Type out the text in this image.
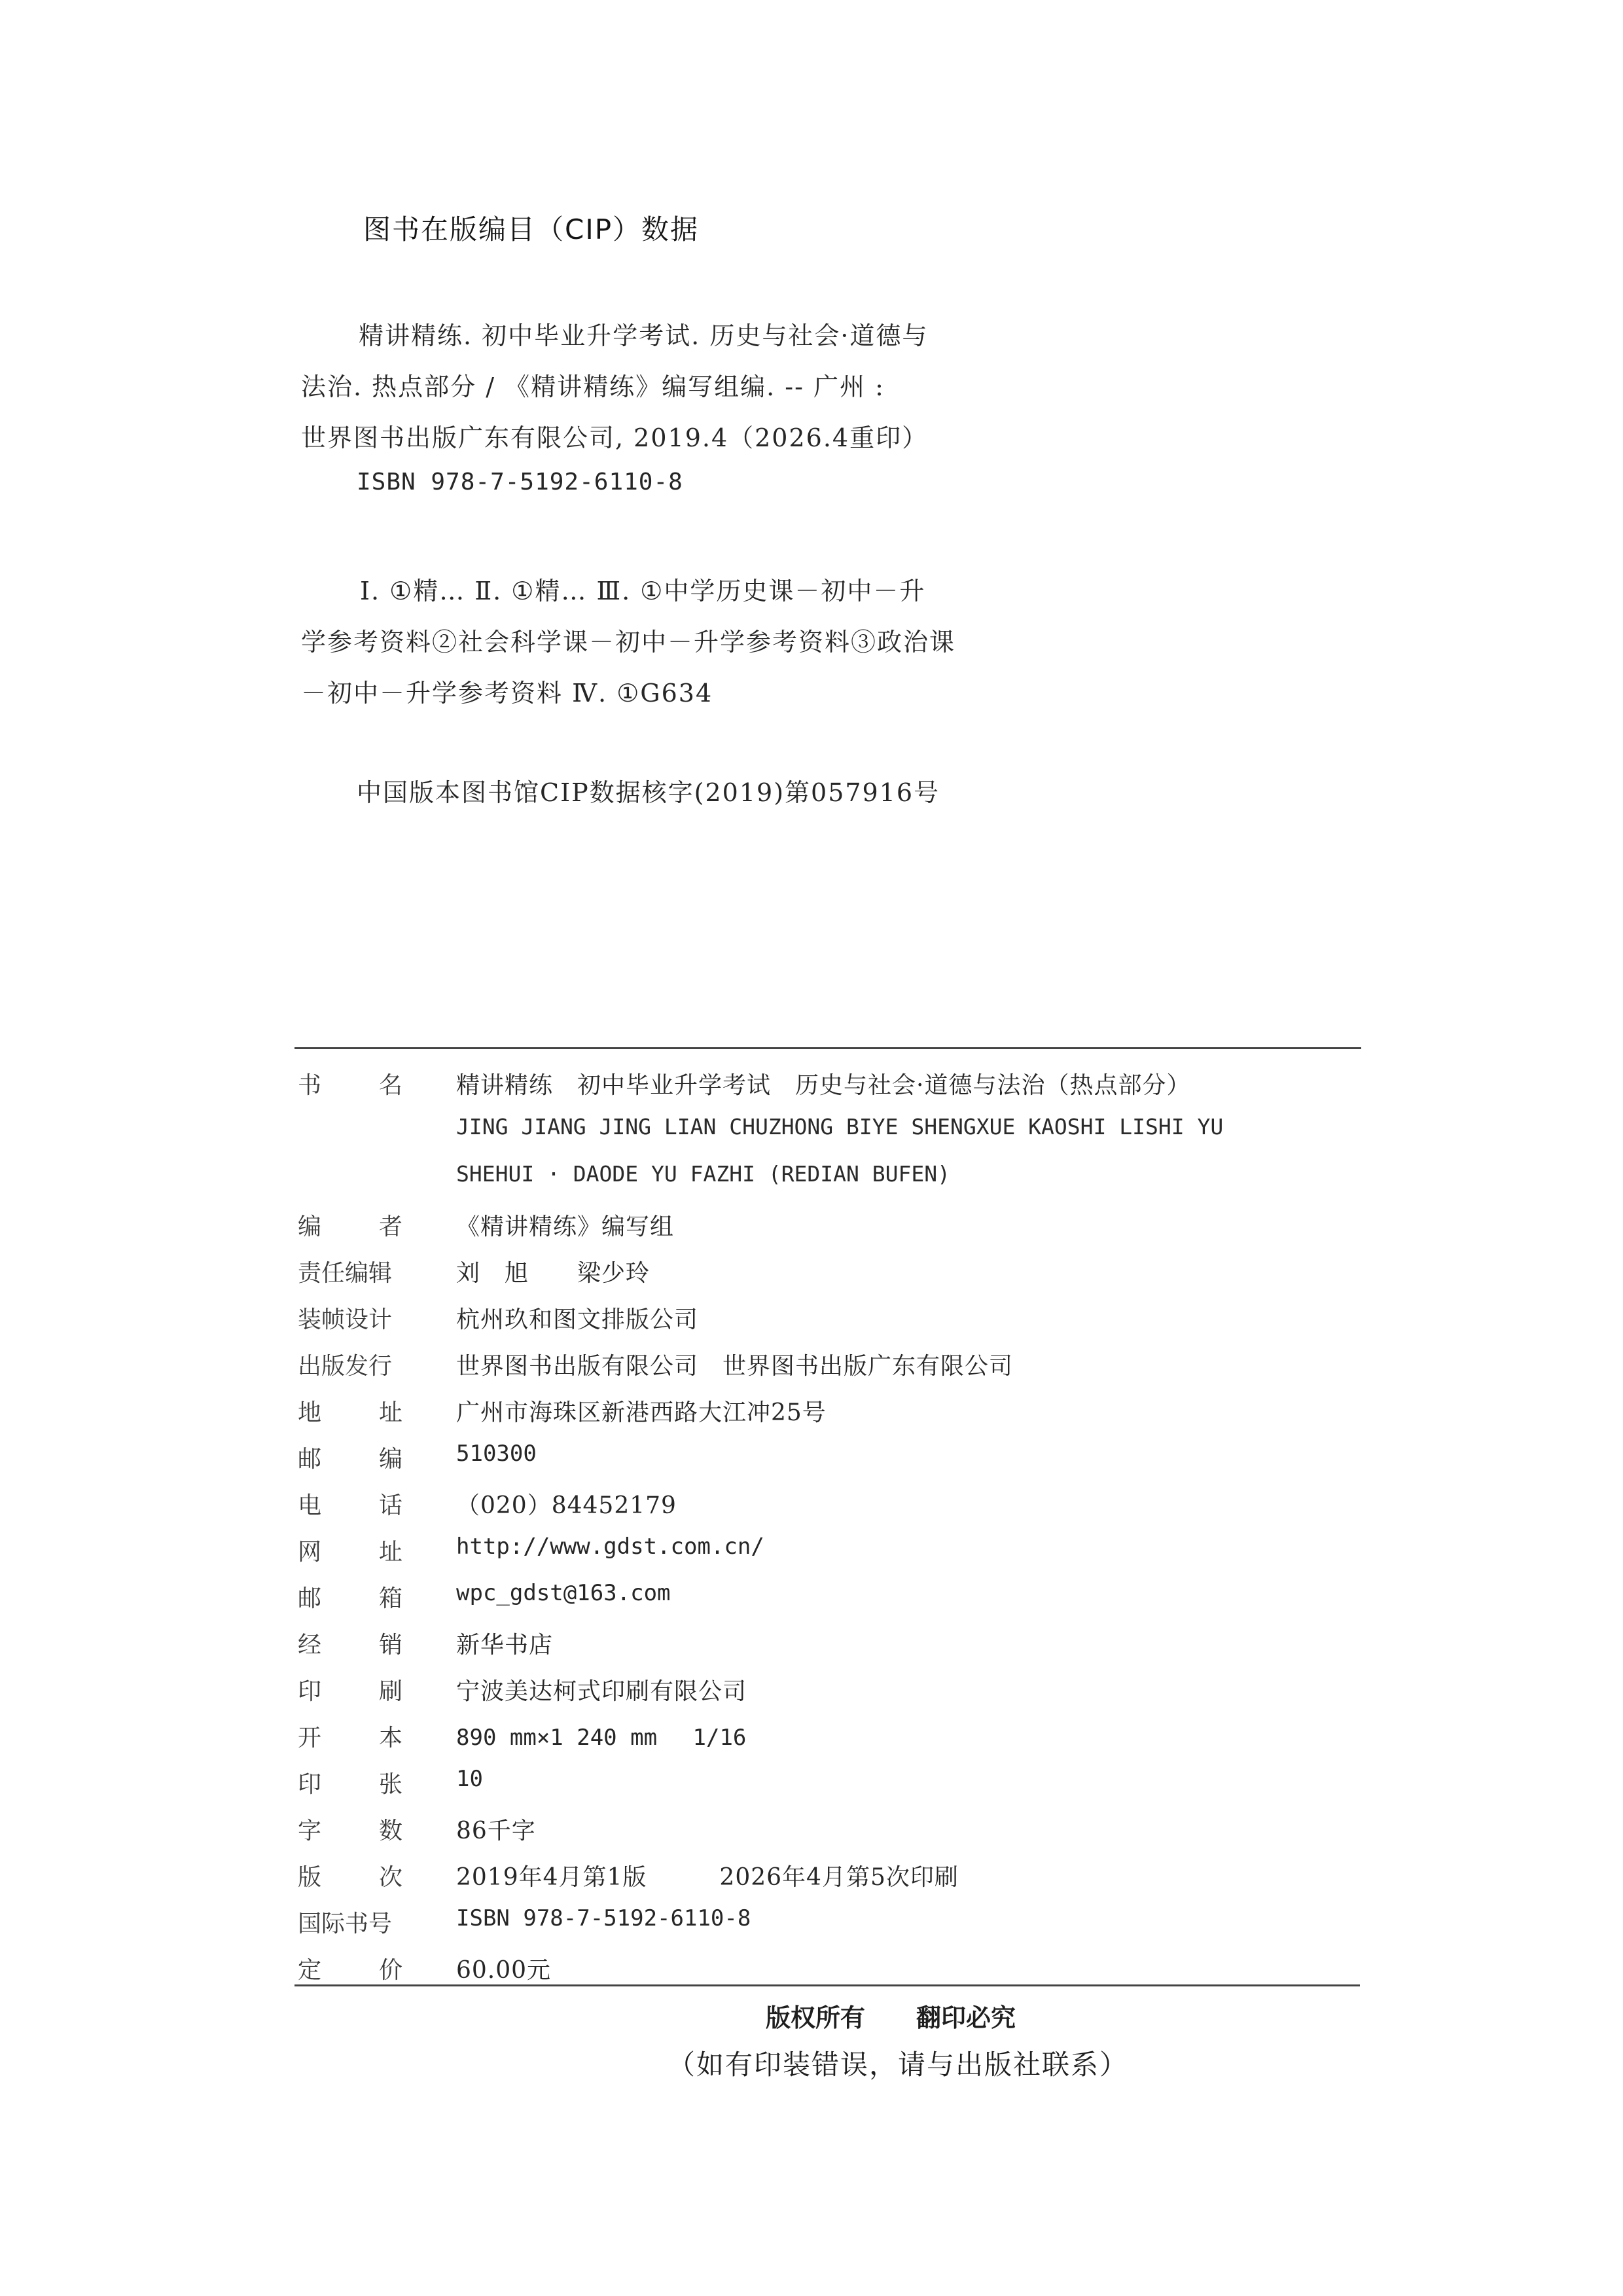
图书在版编目（CIP）数据
精讲精练. 初中毕业升学考试. 历史与社会·道德与
法治. 热点部分 / 《精讲精练》编写组编. -- 广州 :
世界图书出版广东有限公司, 2019.4（2026.4重印）
ISBN 978-7-5192-6110-8
Ⅰ. ①精… Ⅱ. ①精… Ⅲ. ①中学历史课－初中－升
学参考资料②社会科学课－初中－升学参考资料③政治课
－初中－升学参考资料 Ⅳ. ①G634
中国版本图书馆CIP数据核字(2019)第057916号
书 名 精讲精练　初中毕业升学考试　历史与社会·道德与法治（热点部分）
JING JIANG JING LIAN CHUZHONG BIYE SHENGXUE KAOSHI LISHI YU
SHEHUI · DAODE YU FAZHI (REDIAN BUFEN)
编 者 《精讲精练》编写组
责任编辑	刘　旭　　梁少玲
装帧设计	杭州玖和图文排版公司
出版发行	世界图书出版有限公司　世界图书出版广东有限公司
地 址 广州市海珠区新港西路大江冲25号
邮 编 510300
电 话 （020）84452179
网 址 http://www.gdst.com.cn/
邮 箱 wpc_gdst@163.com
经 销 新华书店
印 刷 宁波美达柯式印刷有限公司
开 本 890 mm×1 240 mm　 1/16
印 张 10
字 数 86千字
版 次 2019年4月第1版　　　2026年4月第5次印刷
国际书号	ISBN 978-7-5192-6110-8
定 价 60.00元
版权所有 翻印必究
（如有印装错误，请与出版社联系）
